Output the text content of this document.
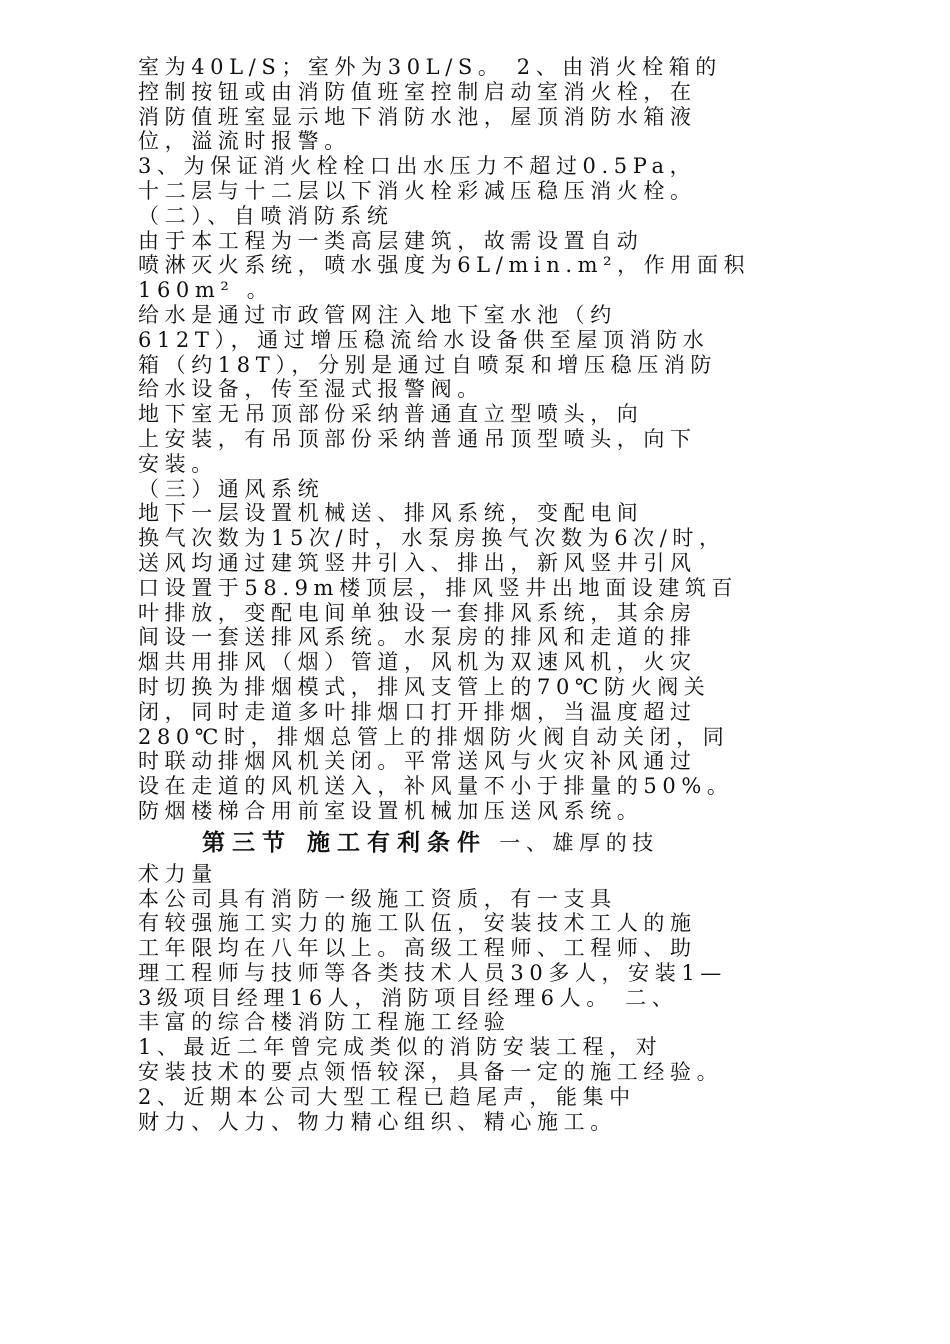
室为40L/S；室外为30L/S。 2、由消火栓箱的
控制按钮或由消防值班室控制启动室消火栓，在
消防值班室显示地下消防水池，屋顶消防水箱液
位，溢流时报警。
3、为保证消火栓栓口出水压力不超过0.5Pa，
十二层与十二层以下消火栓彩减压稳压消火栓。
（二）、自喷消防系统
由于本工程为一类高层建筑，故需设置自动
喷淋灭火系统，喷水强度为6L/min.m²，作用面积
160m² 。
给水是通过市政管网注入地下室水池（约
612T），通过增压稳流给水设备供至屋顶消防水
箱（约18T），分别是通过自喷泵和增压稳压消防
给水设备，传至湿式报警阀。
地下室无吊顶部份采纳普通直立型喷头，向
上安装，有吊顶部份采纳普通吊顶型喷头，向下
安装。
（三）通风系统
地下一层设置机械送、排风系统，变配电间
换气次数为15次/时，水泵房换气次数为6次/时，
送风均通过建筑竖井引入、排出，新风竖井引风
口设置于58.9m楼顶层，排风竖井出地面设建筑百
叶排放，变配电间单独设一套排风系统，其余房
间设一套送排风系统。水泵房的排风和走道的排
烟共用排风（烟）管道，风机为双速风机，火灾
时切换为排烟模式，排风支管上的70℃防火阀关
闭，同时走道多叶排烟口打开排烟，当温度超过
280℃时，排烟总管上的排烟防火阀自动关闭，同
时联动排烟风机关闭。平常送风与火灾补风通过
设在走道的风机送入，补风量不小于排量的50%。
防烟楼梯合用前室设置机械加压送风系统。
第三节 施工有利条件 一、雄厚的技
术力量
本公司具有消防一级施工资质，有一支具
有较强施工实力的施工队伍，安装技术工人的施
工年限均在八年以上。高级工程师、工程师、助
理工程师与技师等各类技术人员30多人，安装1—
3级项目经理16人，消防项目经理6人。 二、
丰富的综合楼消防工程施工经验
1、最近二年曾完成类似的消防安装工程，对
安装技术的要点领悟较深，具备一定的施工经验。
2、近期本公司大型工程已趋尾声，能集中
财力、人力、物力精心组织、精心施工。
